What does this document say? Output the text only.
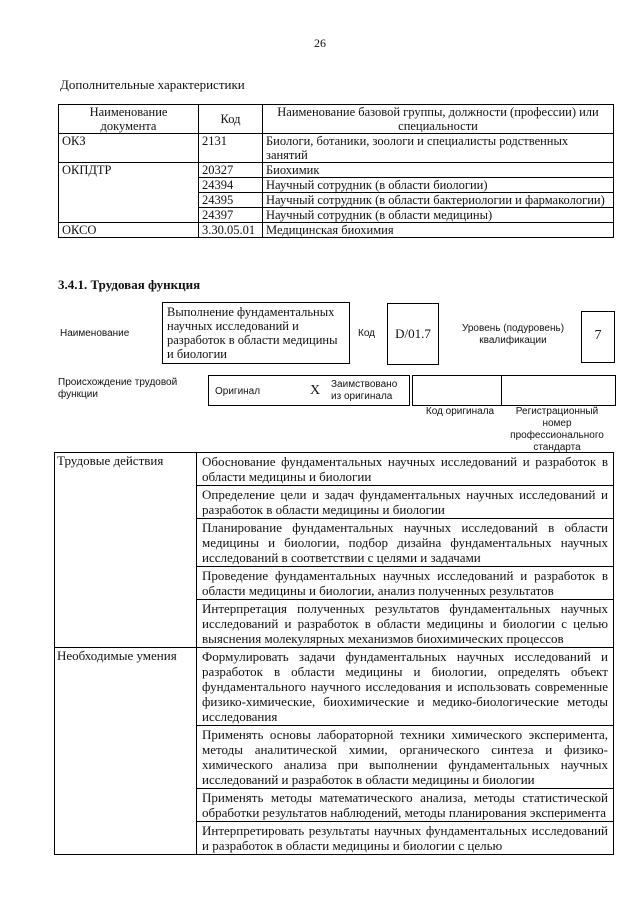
26
Дополнительные характеристики
Наименование документа	Код	Наименование базовой группы, должности (профессии) или специальности
ОКЗ	2131	Биологи, ботаники, зоологи и специалисты родственных занятий
ОКПДТР	20327	Биохимик
	24394	Научный сотрудник (в области биологии)
	24395	Научный сотрудник (в области бактериологии и фармакологии)
	24397	Научный сотрудник (в области медицины)
ОКСО	3.30.05.01	Медицинская биохимия
3.4.1. Трудовая функция
Наименование
Выполнение фундаментальных научных исследований и разработок в области медицины и биологии
Код	D/01.7	Уровень (подуровень) квалификации	7
Происхождение трудовой функции	Оригинал	X Заимствовано из оригинала
Код оригинала	Регистрационный номер профессионального стандарта
Трудовые действия	Обоснование фундаментальных научных исследований и разработок в области медицины и биологии
	Определение цели и задач фундаментальных научных исследований и разработок в области медицины и биологии
	Планирование фундаментальных научных исследований в области медицины и биологии, подбор дизайна фундаментальных научных исследований в соответствии с целями и задачами
	Проведение фундаментальных научных исследований и разработок в области медицины и биологии, анализ полученных результатов
	Интерпретация полученных результатов фундаментальных научных исследований и разработок в области медицины и биологии с целью выяснения молекулярных механизмов биохимических процессов
Необходимые умения	Формулировать задачи фундаментальных научных исследований и разработок в области медицины и биологии, определять объект фундаментального научного исследования и использовать современные физико-химические, биохимические и медико-биологические методы исследования
	Применять основы лабораторной техники химического эксперимента, методы аналитической химии, органического синтеза и физико-химического анализа при выполнении фундаментальных научных исследований и разработок в области медицины и биологии
	Применять методы математического анализа, методы статистической обработки результатов наблюдений, методы планирования эксперимента
	Интерпретировать результаты научных фундаментальных исследований и разработок в области медицины и биологии с целью
